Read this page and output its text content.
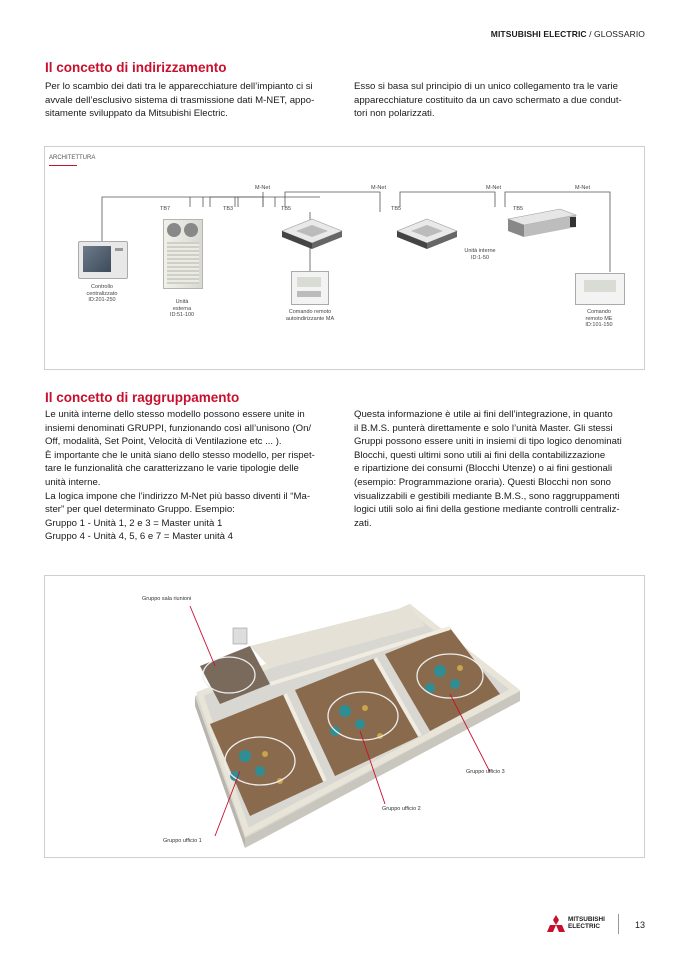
MITSUBISHI ELECTRIC / GLOSSARIO
Il concetto di indirizzamento
Per lo scambio dei dati tra le apparecchiature dell’impianto ci si
avvale dell’esclusivo sistema di trasmissione dati M-NET, appo-
sitamente sviluppato da Mitsubishi Electric.
Esso si basa sul principio di un unico collegamento tra le varie
apparecchiature costituito da un cavo schermato a due condut-
tori non polarizzati.
ARCHITETTURA
M-Net	M-Net	M-Net	M-Net
TB7	TB3	TB5	TB5	TB5
Controllo
centralizzato
ID:201-250	Unità
esterna
ID:51-100
Unità interne
ID:1-50
Comando remoto
autoindirizzante MA
Comando
remoto ME
ID:101-150
Il concetto di raggruppamento
Le unità interne dello stesso modello possono essere unite in
insiemi denominati GRUPPI, funzionando così all’unisono (On/
Off, modalità, Set Point, Velocità di Ventilazione etc ... ).
È importante che le unità siano dello stesso modello, per rispet-
tare le funzionalità che caratterizzano le varie tipologie delle
unità interne.
La logica impone che l’indirizzo M-Net più basso diventi il “Ma-
ster” per quel determinato Gruppo. Esempio:
Gruppo 1 - Unità 1, 2 e 3 = Master unità 1
Gruppo 4 - Unità 4, 5, 6 e 7 = Master unità 4
Questa informazione è utile ai fini dell’integrazione, in quanto
il B.M.S. punterà direttamente e solo l’unità Master. Gli stessi
Gruppi possono essere uniti in insiemi di tipo logico denominati
Blocchi, questi ultimi sono utili ai fini della contabilizzazione
e ripartizione dei consumi (Blocchi Utenze) o ai fini gestionali
(esempio: Programmazione oraria). Questi Blocchi non sono
visualizzabili e gestibili mediante B.M.S., sono raggruppamenti
logici utili solo ai fini della gestione mediante controlli centraliz-
zati.
Gruppo sala riunioni
Gruppo ufficio 1
Gruppo ufficio 2
Gruppo ufficio 3
MITSUBISHI
ELECTRIC	13
